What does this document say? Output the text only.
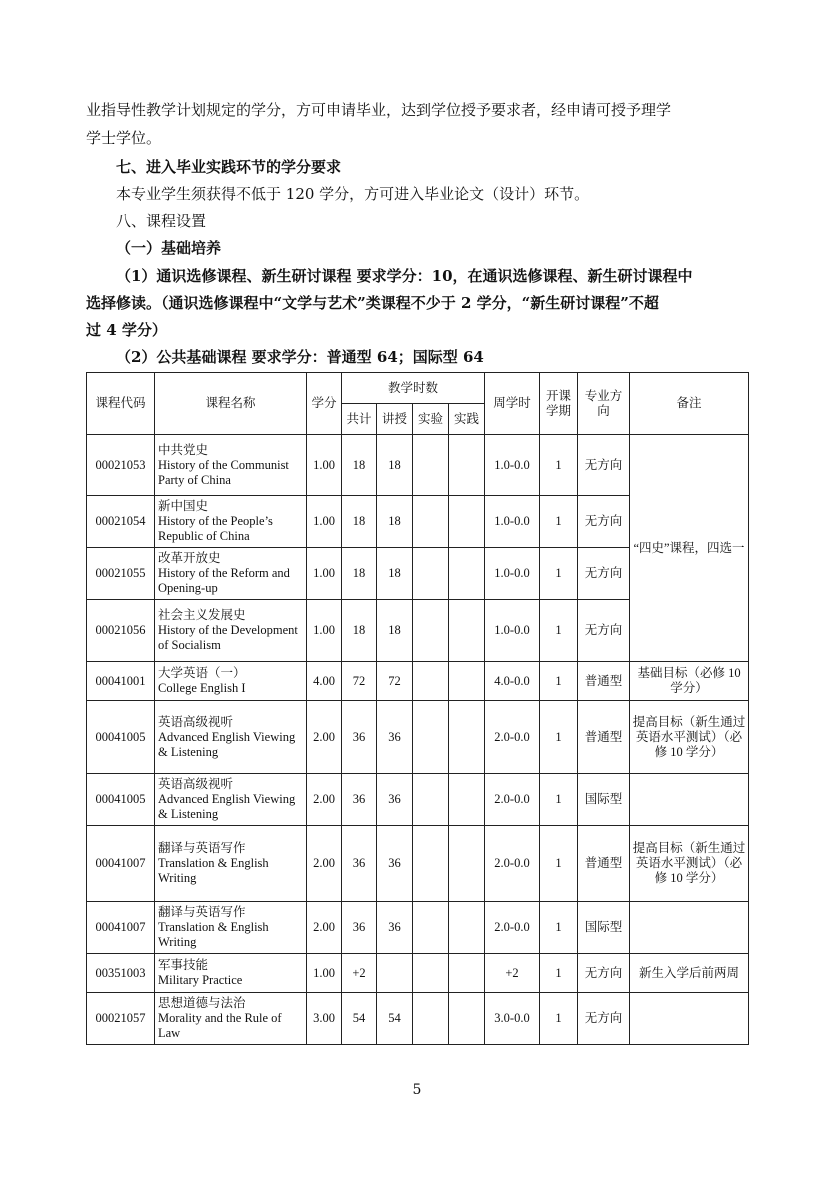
业指导性教学计划规定的学分，方可申请毕业，达到学位授予要求者，经申请可授予理学

学士学位。

七、进入毕业实践环节的学分要求

本专业学生须获得不低于 120 学分，方可进入毕业论文（设计）环节。

八、课程设置

（一）基础培养

（1）通识选修课程、新生研讨课程 要求学分：10，在通识选修课程、新生研讨课程中

选择修读。（通识选修课程中“文学与艺术”类课程不少于 2 学分，“新生研讨课程”不超

过 4 学分）

（2）公共基础课程 要求学分：普通型 64；国际型 64

课程代码	课程名称	学分	教学时数				周学时	开课学期	专业方向	备注
			共计	讲授	实验	实践				
00021053	中共党史
History of the Communist Party of China	1.00	18	18			1.0-0.0	1	无方向	“四史”课程，四选一
00021054	新中国史
History of the People’s Republic of China	1.00	18	18			1.0-0.0	1	无方向	
00021055	改革开放史
History of the Reform and Opening-up	1.00	18	18			1.0-0.0	1	无方向	
00021056	社会主义发展史
History of the Development of Socialism	1.00	18	18			1.0-0.0	1	无方向	
00041001	大学英语（一）
College English I	4.00	72	72			4.0-0.0	1	普通型	基础目标（必修 10 学分）
00041005	英语高级视听
Advanced English Viewing & Listening	2.00	36	36			2.0-0.0	1	普通型	提高目标（新生通过英语水平测试）（必修 10 学分）
00041005	英语高级视听
Advanced English Viewing & Listening	2.00	36	36			2.0-0.0	1	国际型	
00041007	翻译与英语写作
Translation & English Writing	2.00	36	36			2.0-0.0	1	普通型	提高目标（新生通过英语水平测试）（必修 10 学分）
00041007	翻译与英语写作
Translation & English Writing	2.00	36	36			2.0-0.0	1	国际型	
00351003	军事技能
Military Practice	1.00	+2				+2	1	无方向	新生入学后前两周
00021057	思想道德与法治
Morality and the Rule of Law	3.00	54	54			3.0-0.0	1	无方向	
5
